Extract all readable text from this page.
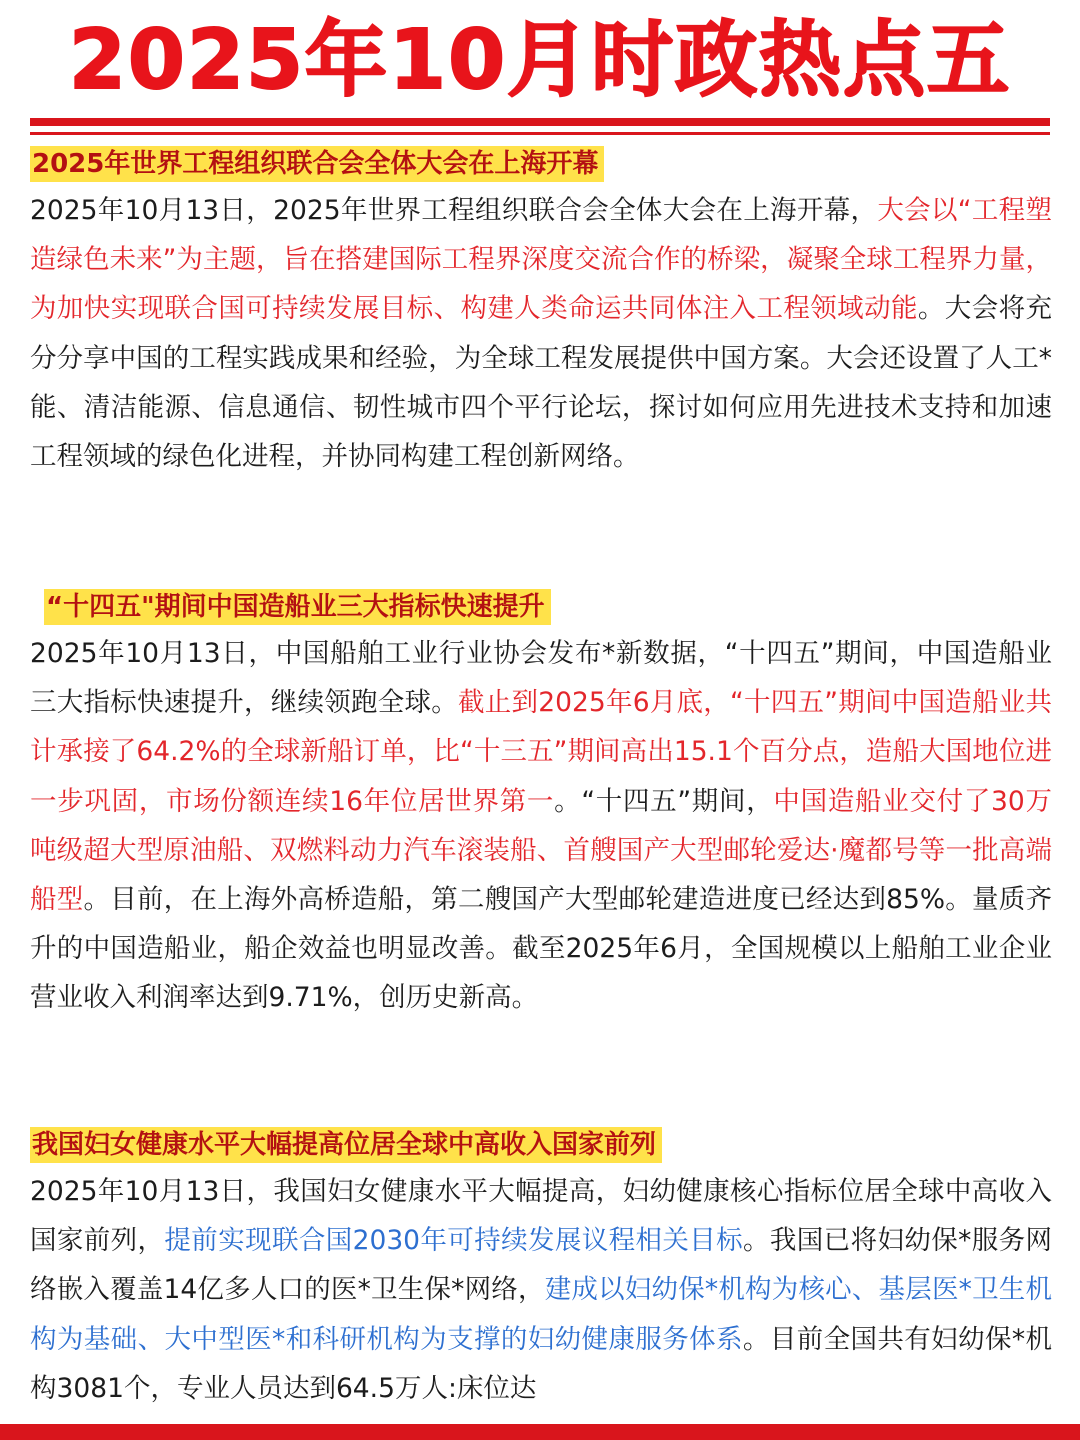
2025年10月时政热点五
2025年世界工程组织联合会全体大会在上海开幕

2025年10月13日，2025年世界工程组织联合会全体大会在上海开幕，大会以“工程塑造绿色未来”为主题，旨在搭建国际工程界深度交流合作的桥梁，凝聚全球工程界力量，为加快实现联合国可持续发展目标、构建人类命运共同体注入工程领域动能。大会将充分分享中国的工程实践成果和经验，为全球工程发展提供中国方案。大会还设置了人工*能、清洁能源、信息通信、韧性城市四个平行论坛，探讨如何应用先进技术支持和加速工程领域的绿色化进程，并协同构建工程创新网络。

“十四五"期间中国造船业三大指标快速提升

2025年10月13日，中国船舶工业行业协会发布*新数据，“十四五”期间，中国造船业三大指标快速提升，继续领跑全球。截止到2025年6月底，“十四五”期间中国造船业共计承接了64.2%的全球新船订单，比“十三五”期间高出15.1个百分点，造船大国地位进一步巩固，市场份额连续16年位居世界第一。“十四五”期间，中国造船业交付了30万吨级超大型原油船、双燃料动力汽车滚装船、首艘国产大型邮轮爱达·魔都号等一批高端船型。目前，在上海外高桥造船，第二艘国产大型邮轮建造进度已经达到85%。量质齐升的中国造船业，船企效益也明显改善。截至2025年6月，全国规模以上船舶工业企业营业收入利润率达到9.71%，创历史新高。

我国妇女健康水平大幅提高位居全球中高收入国家前列

2025年10月13日，我国妇女健康水平大幅提高，妇幼健康核心指标位居全球中高收入国家前列，提前实现联合国2030年可持续发展议程相关目标。我国已将妇幼保*服务网络嵌入覆盖14亿多人口的医*卫生保*网络，建成以妇幼保*机构为核心、基层医*卫生机构为基础、大中型医*和科研机构为支撑的妇幼健康服务体系。目前全国共有妇幼保*机构3081个，专业人员达到64.5万人:床位达
